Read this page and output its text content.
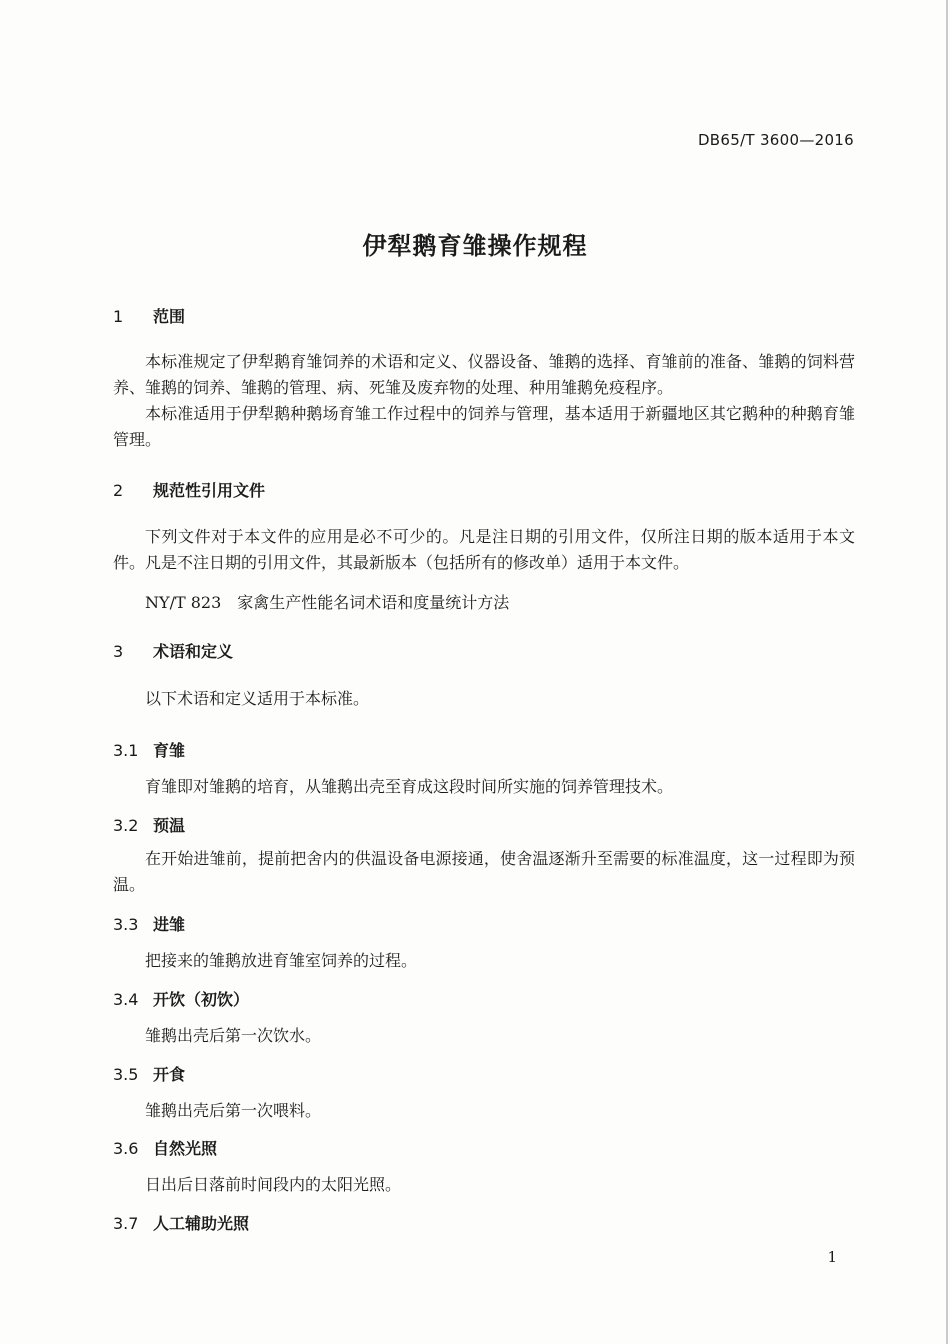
DB65/T 3600—2016
伊犁鹅育雏操作规程
1 范围
本标准规定了伊犁鹅育雏饲养的术语和定义、仪器设备、雏鹅的选择、育雏前的准备、雏鹅的饲料营养、雏鹅的饲养、雏鹅的管理、病、死雏及废弃物的处理、种用雏鹅免疫程序。
本标准适用于伊犁鹅种鹅场育雏工作过程中的饲养与管理，基本适用于新疆地区其它鹅种的种鹅育雏管理。
2 规范性引用文件
下列文件对于本文件的应用是必不可少的。凡是注日期的引用文件，仅所注日期的版本适用于本文件。凡是不注日期的引用文件，其最新版本（包括所有的修改单）适用于本文件。
NY/T 823　家禽生产性能名词术语和度量统计方法
3 术语和定义
以下术语和定义适用于本标准。
3.1 育雏
育雏即对雏鹅的培育，从雏鹅出壳至育成这段时间所实施的饲养管理技术。
3.2 预温
在开始进雏前，提前把舍内的供温设备电源接通，使舍温逐渐升至需要的标准温度，这一过程即为预温。
3.3 进雏
把接来的雏鹅放进育雏室饲养的过程。
3.4 开饮（初饮）
雏鹅出壳后第一次饮水。
3.5 开食
雏鹅出壳后第一次喂料。
3.6 自然光照
日出后日落前时间段内的太阳光照。
3.7 人工辅助光照
1
